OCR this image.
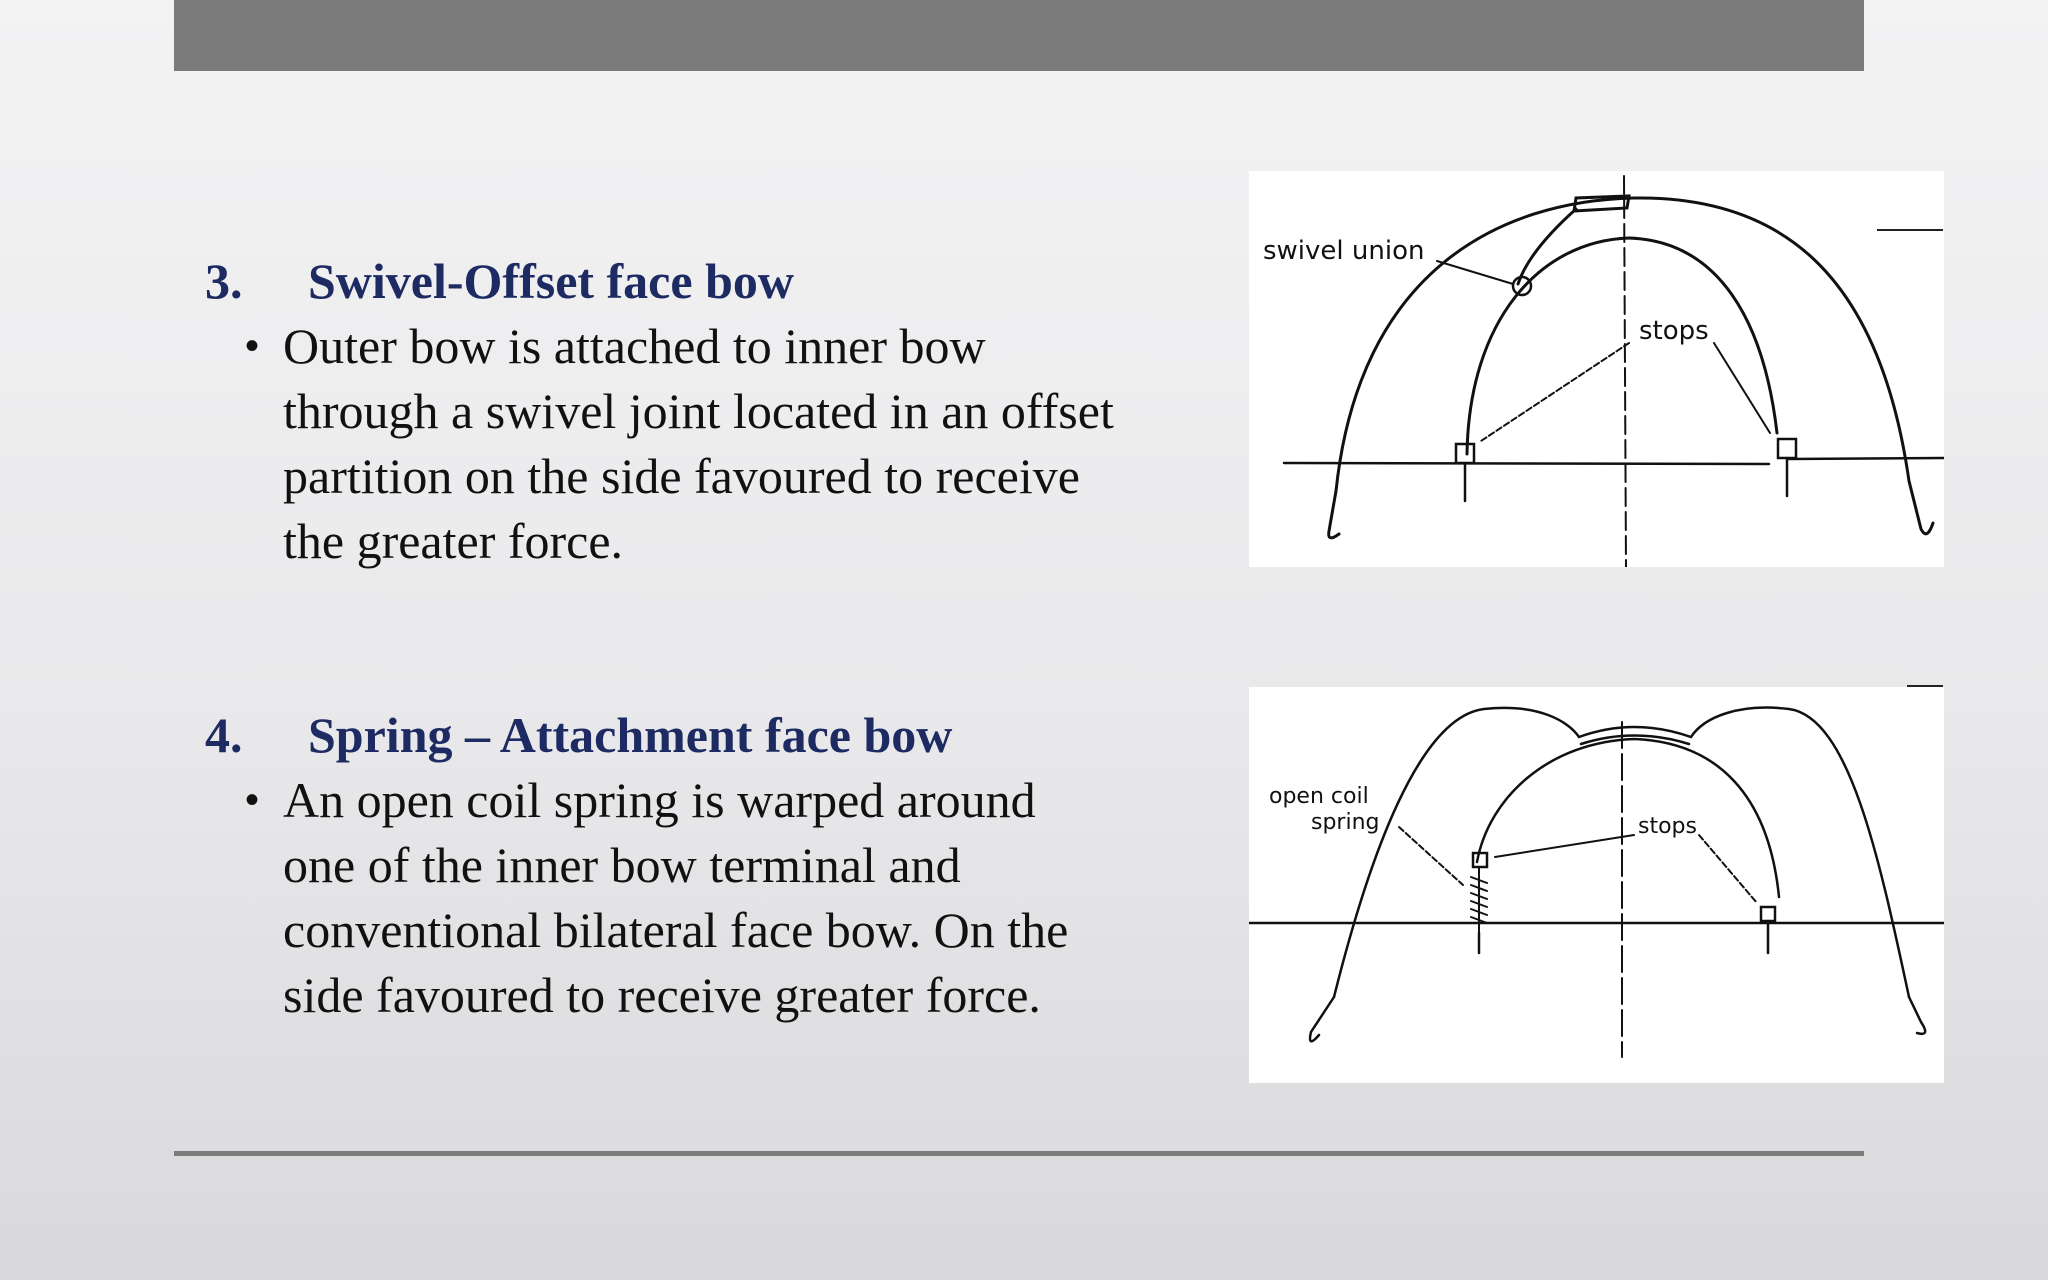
3. Swivel-Offset face bow
• Outer bow is attached to inner bow
through a swivel joint located in an offset
partition on the side favoured to receive
the greater force.
4. Spring – Attachment face bow
• An open coil spring is warped around
one of the inner bow terminal and
conventional bilateral face bow. On the
side favoured to receive greater force.
swivel union
stops
open coil
spring	stops
